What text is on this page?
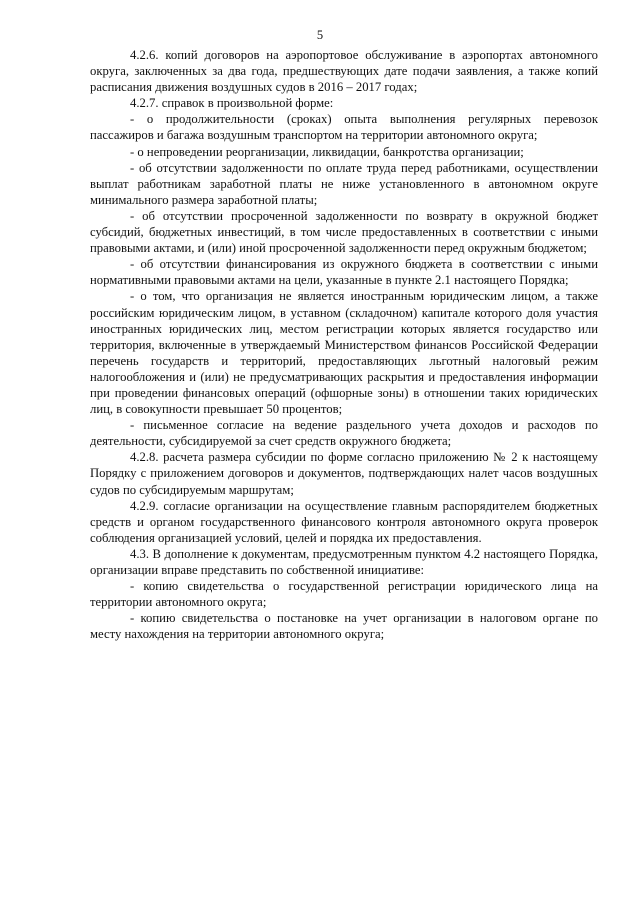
5

4.2.6. копий договоров на аэропортовое обслуживание в аэропортах автономного округа, заключенных за два года, предшествующих дате подачи заявления, а также копий расписания движения воздушных судов в 2016 – 2017 годах;

4.2.7. справок в произвольной форме:

- о продолжительности (сроках) опыта выполнения регулярных перевозок пассажиров и багажа воздушным транспортом на территории автономного округа;

- о непроведении реорганизации, ликвидации, банкротства организации;

- об отсутствии задолженности по оплате труда перед работниками, осуществлении выплат работникам заработной платы не ниже установленного в автономном округе минимального размера заработной платы;

- об отсутствии просроченной задолженности по возврату в окружной бюджет субсидий, бюджетных инвестиций, в том числе предоставленных в соответствии с иными правовыми актами, и (или) иной просроченной задолженности перед окружным бюджетом;

- об отсутствии финансирования из окружного бюджета в соответствии с иными нормативными правовыми актами на цели, указанные в пункте 2.1 настоящего Порядка;

- о том, что организация не является иностранным юридическим лицом, а также российским юридическим лицом, в уставном (складочном) капитале которого доля участия иностранных юридических лиц, местом регистрации которых является государство или территория, включенные в утверждаемый Министерством финансов Российской Федерации перечень государств и территорий, предоставляющих льготный налоговый режим налогообложения и (или) не предусматривающих раскрытия и предоставления информации при проведении финансовых операций (офшорные зоны) в отношении таких юридических лиц, в совокупности превышает 50 процентов;

- письменное согласие на ведение раздельного учета доходов и расходов по деятельности, субсидируемой за счет средств окружного бюджета;

4.2.8. расчета размера субсидии по форме согласно приложению № 2 к настоящему Порядку с приложением договоров и документов, подтверждающих налет часов воздушных судов по субсидируемым маршрутам;

4.2.9. согласие организации на осуществление главным распорядителем бюджетных средств и органом государственного финансового контроля автономного округа проверок соблюдения организацией условий, целей и порядка их предоставления.

4.3. В дополнение к документам, предусмотренным пунктом 4.2 настоящего Порядка, организации вправе представить по собственной инициативе:

- копию свидетельства о государственной регистрации юридического лица на территории автономного округа;

- копию свидетельства о постановке на учет организации в налоговом органе по месту нахождения на территории автономного округа;
